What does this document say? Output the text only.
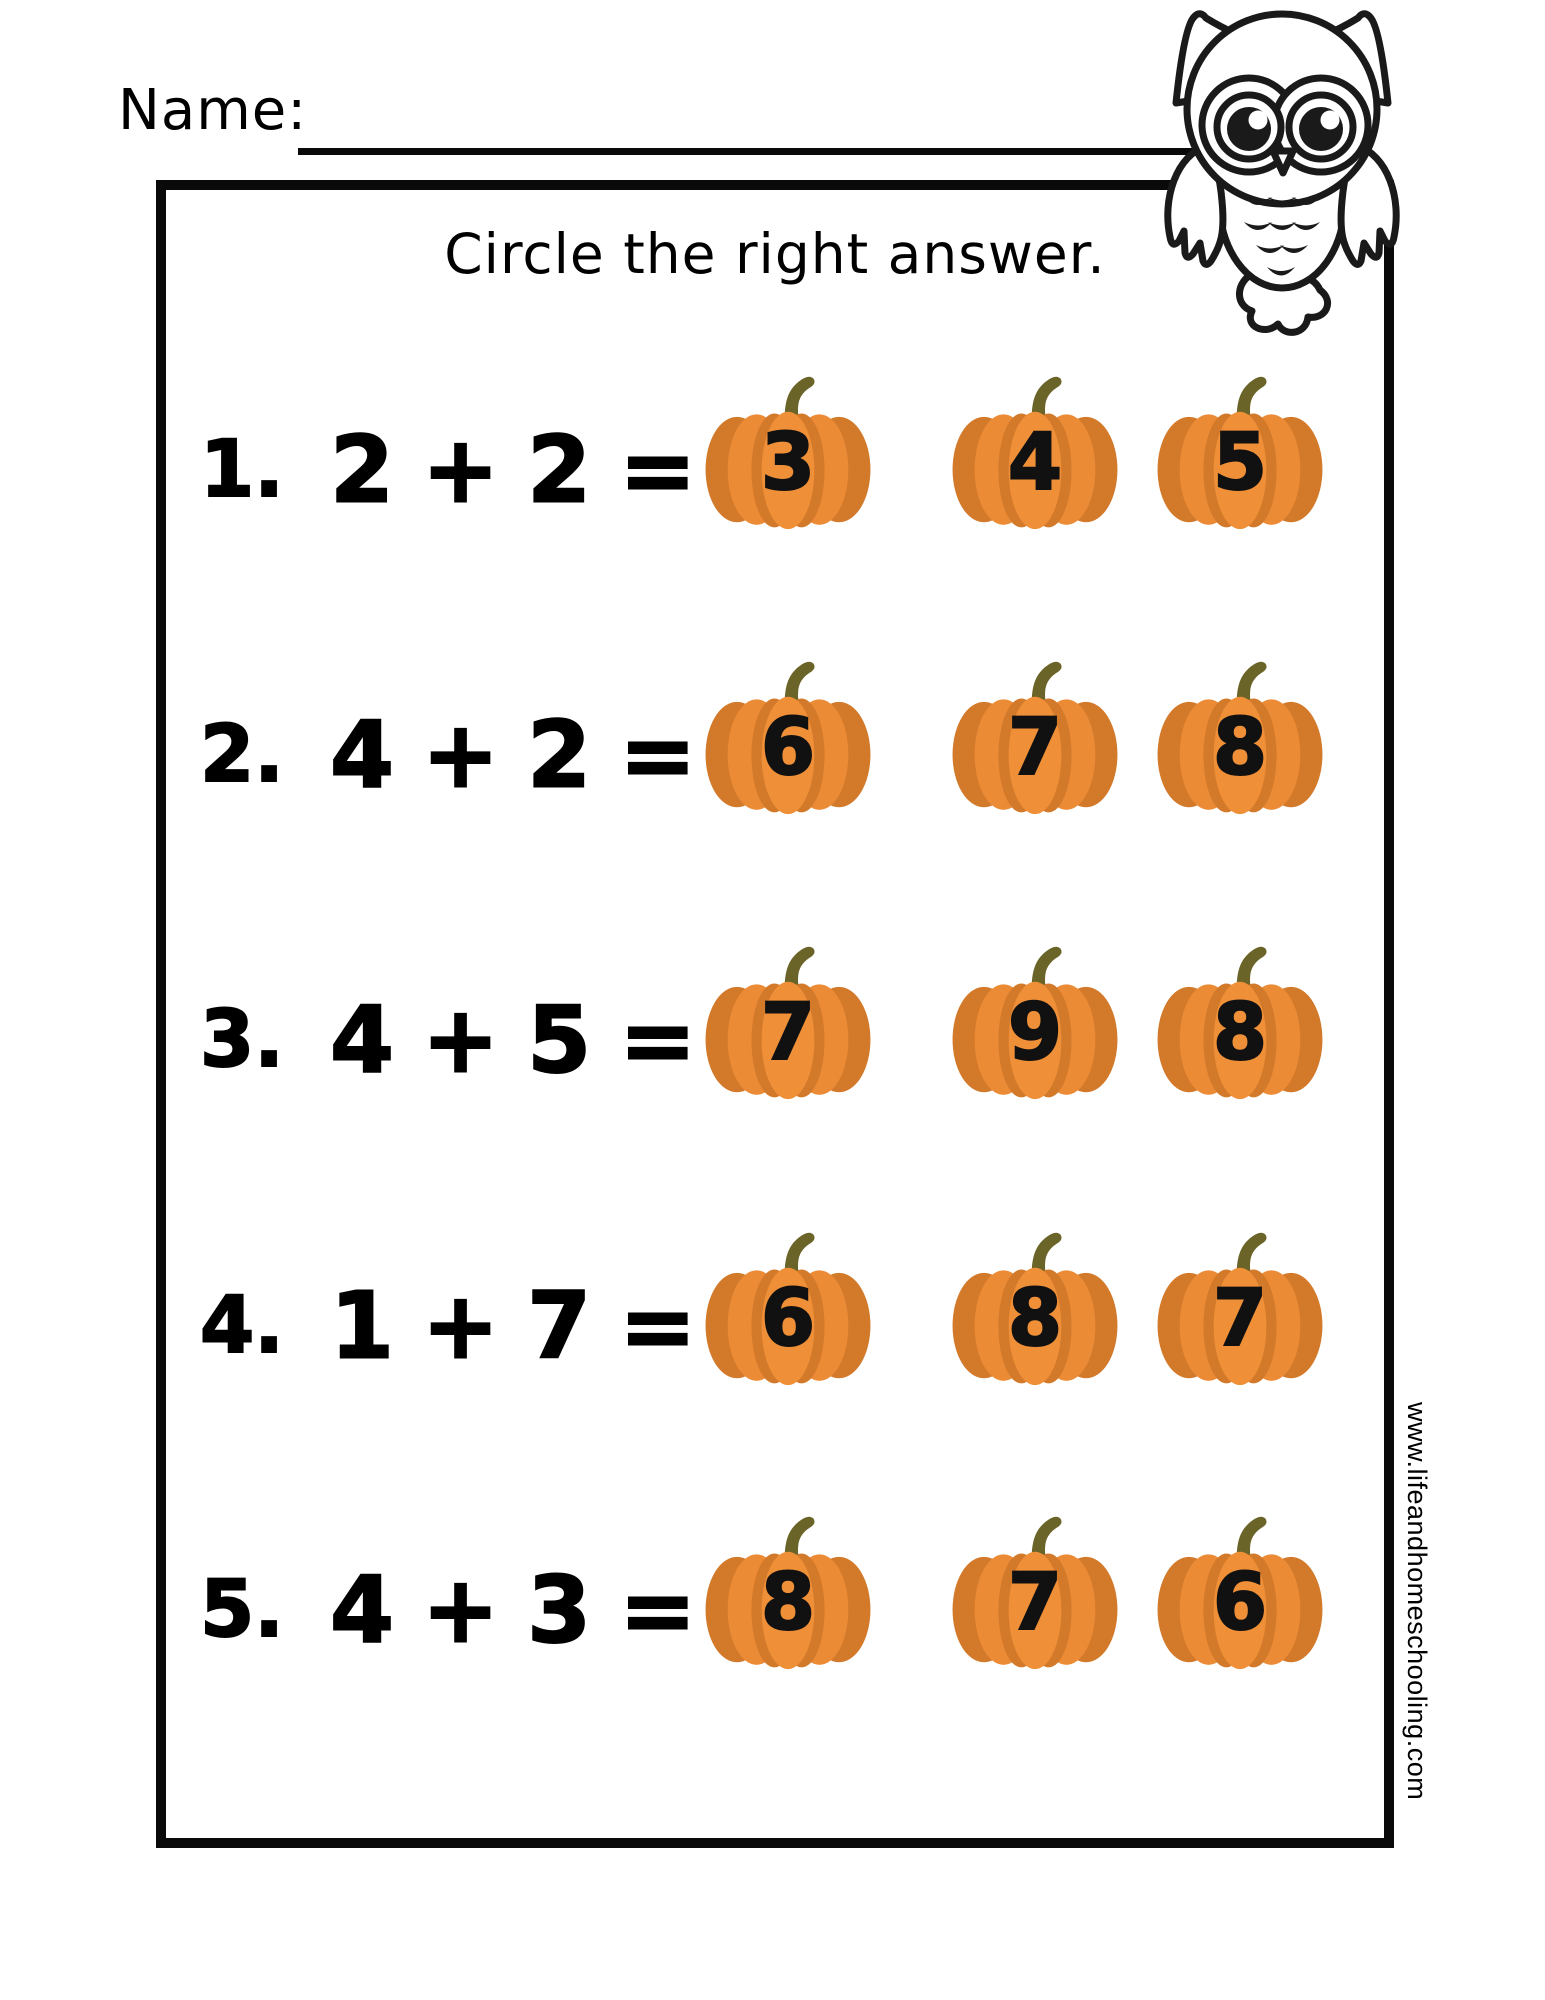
Name:
Circle the right answer.
1. 2 + 2 = 3	4	5
2. 4 + 2 = 6	7	8
3. 4 + 5 = 7	9	8
4. 1 + 7 = 6	8	7
5. 4 + 3 = 8	7	6	www.lifeandhomeschooling.com
